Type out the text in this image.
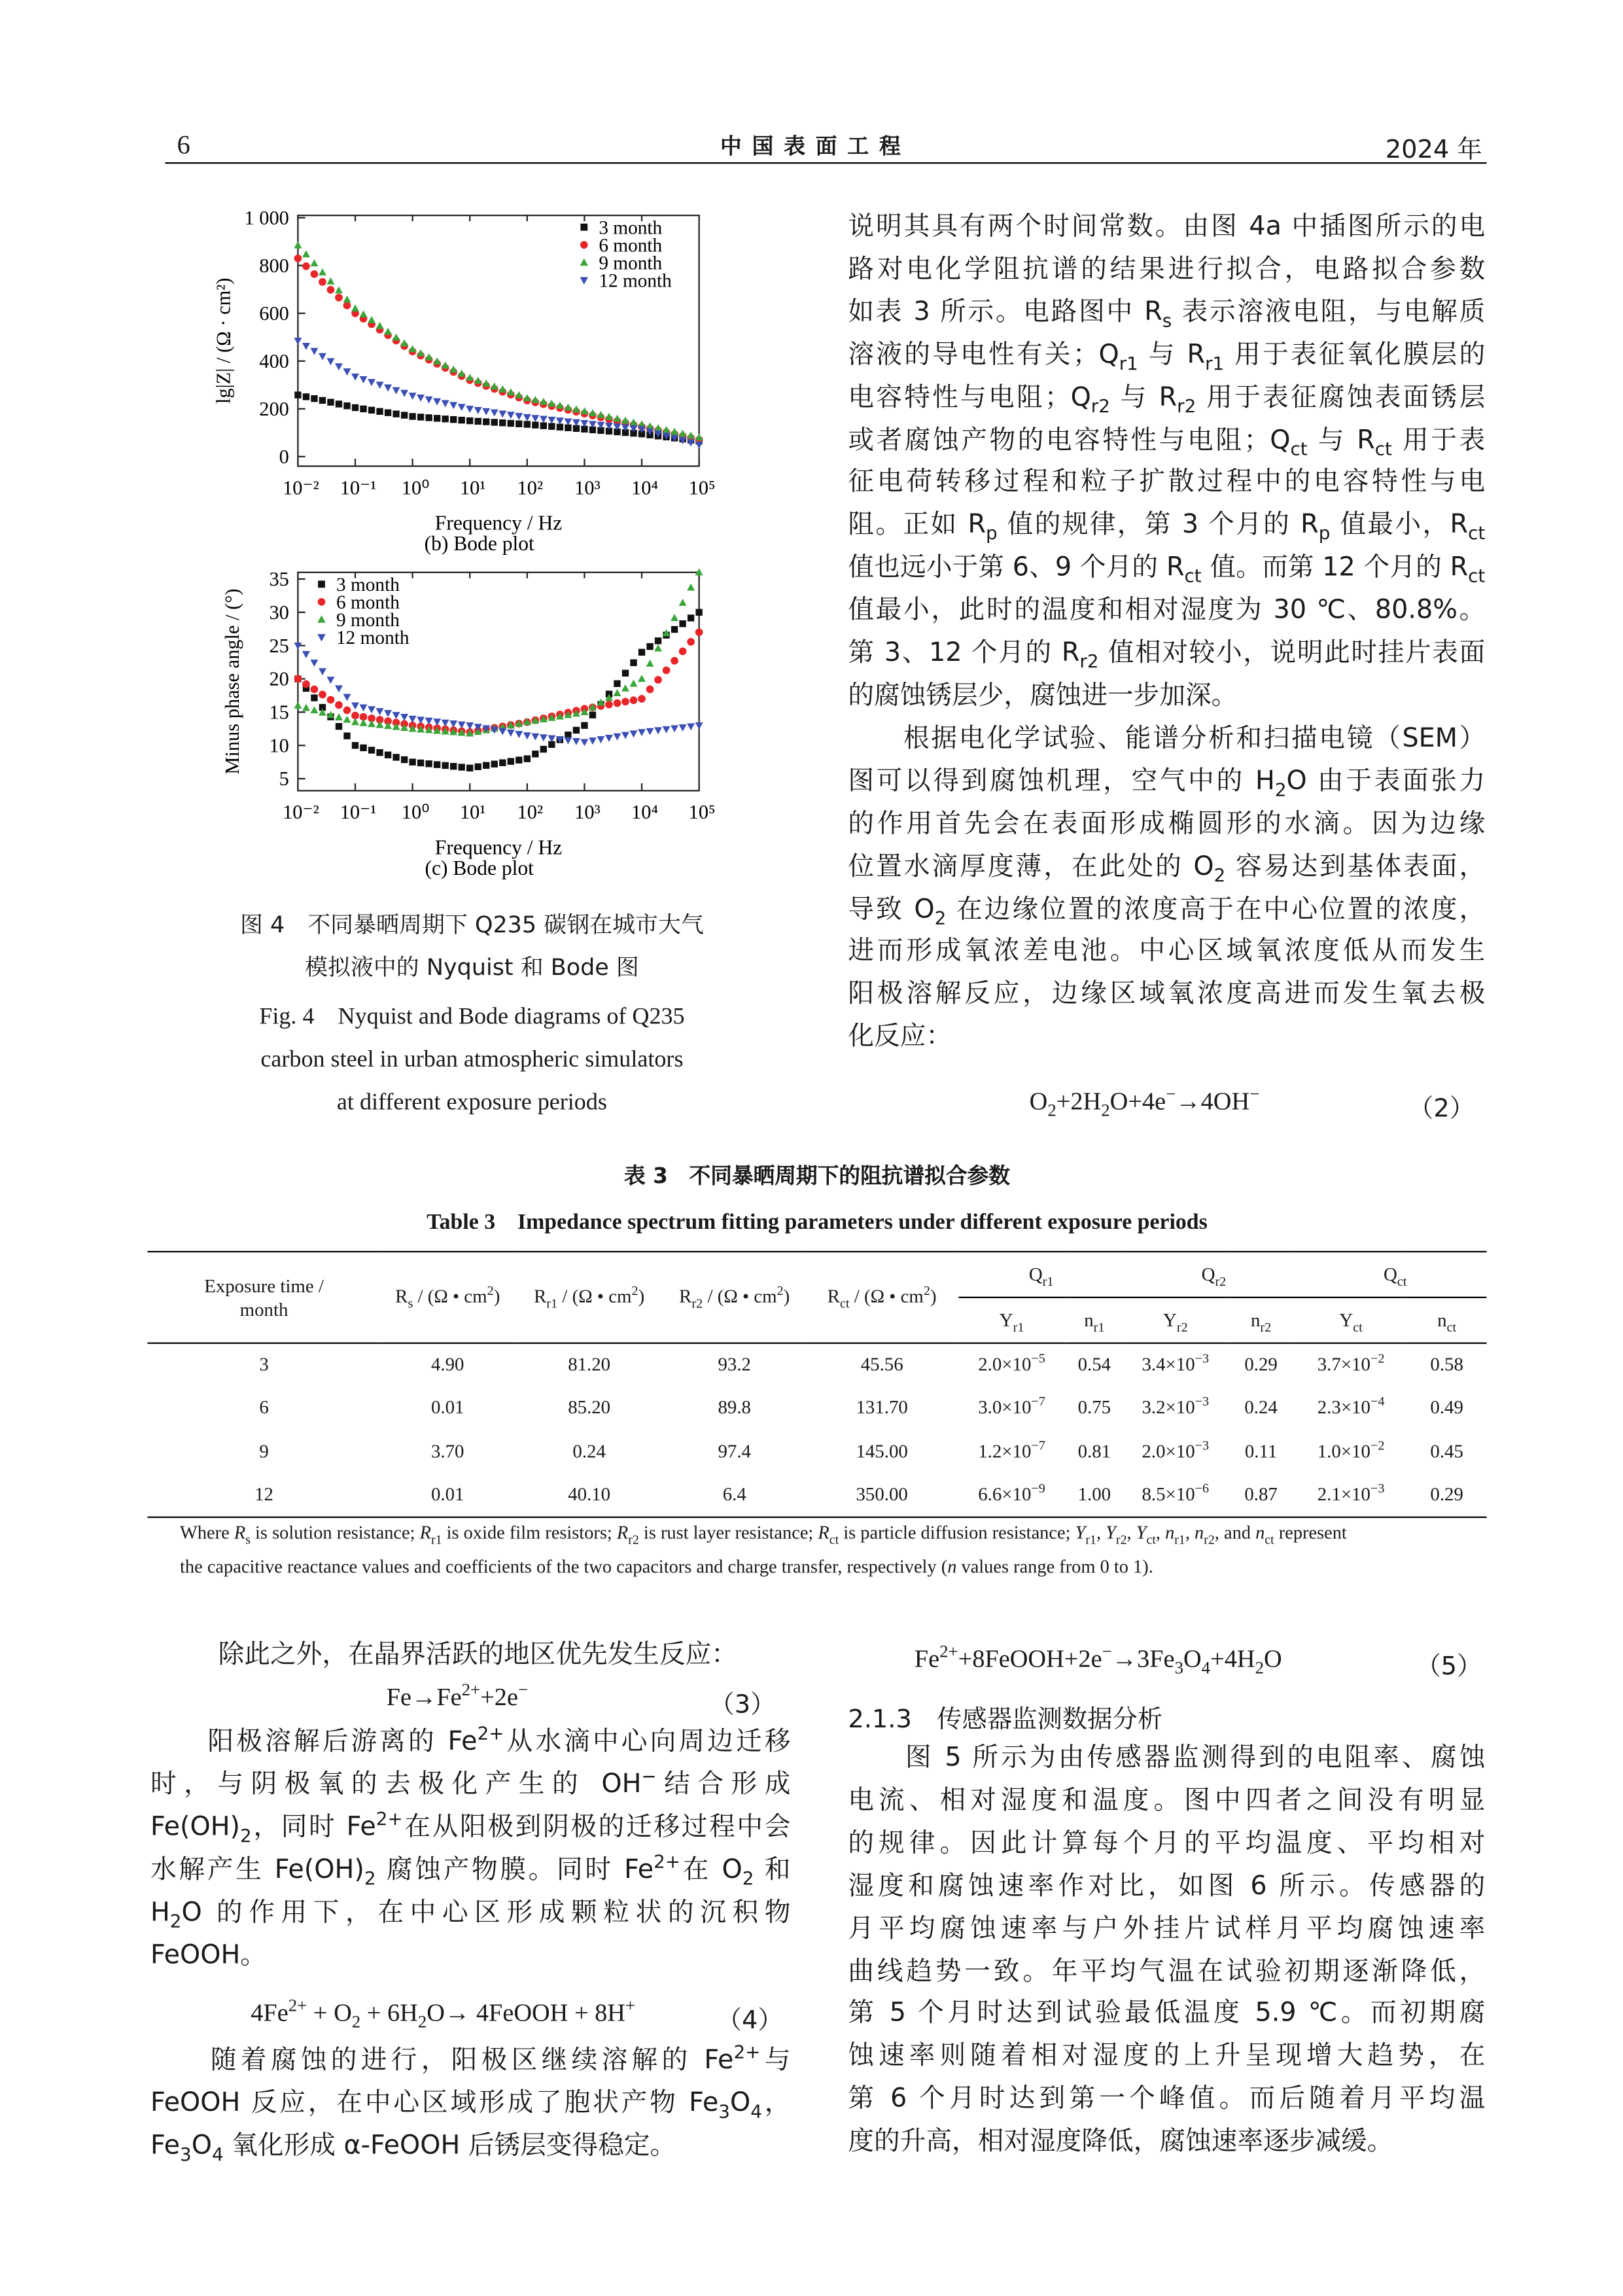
6	中 国 表 面 工 程	2024 年
10⁻² 10⁻¹	10⁰	10¹	10²	10³	10⁴	10⁵
0
200
400
600
800
1 000
Frequency / Hz
lg|Z| / (Ω · cm²)
3 month
6 month
9 month
12 month
10⁻² 10⁻¹	10⁰	10¹	10²	10³	10⁴	10⁵
5
10
15
20
25
30
35
Frequency / Hz
Minus phase angle / (°)
3 month
6 month
9 month
12 month
(b) Bode plot
(c) Bode plot
图 4　不同暴晒周期下 Q235 碳钢在城市大气
模拟液中的 Nyquist 和 Bode 图
Fig. 4　Nyquist and Bode diagrams of Q235
carbon steel in urban atmospheric simulators
at different exposure periods
说明其具有两个时间常数。由图 4a 中插图所示的电
路对电化学阻抗谱的结果进行拟合，电路拟合参数
如表 3 所示。电路图中 $R_s$ 表示溶液电阻，与电解质
溶液的导电性有关；$Q_{r1}$ 与 $R_{r1}$ 用于表征氧化膜层的
电容特性与电阻；$Q_{r2}$ 与 $R_{r2}$ 用于表征腐蚀表面锈层
或者腐蚀产物的电容特性与电阻；$Q_{ct}$ 与 $R_{ct}$ 用于表
征电荷转移过程和粒子扩散过程中的电容特性与电
阻。正如 $R_p$ 值的规律，第 3 个月的 $R_p$ 值最小，$R_{ct}$
值也远小于第 6、9 个月的 $R_{ct}$ 值。而第 12 个月的 $R_{ct}$
值最小，此时的温度和相对湿度为 30 ℃、80.8%。
第 3、12 个月的 $R_{r2}$ 值相对较小，说明此时挂片表面
的腐蚀锈层少，腐蚀进一步加深。
　　根据电化学试验、能谱分析和扫描电镜（SEM）
图可以得到腐蚀机理，空气中的 $H_2O$ 由于表面张力
的作用首先会在表面形成椭圆形的水滴。因为边缘
位置水滴厚度薄，在此处的 $O_2$ 容易达到基体表面，
导致 $O_2$ 在边缘位置的浓度高于在中心位置的浓度，
进而形成氧浓差电池。中心区域氧浓度低从而发生
阳极溶解反应，边缘区域氧浓度高进而发生氧去极
化反应：
$O_2+2H_2O+4e^-\to 4OH^-$
（2）
表 3　不同暴晒周期下的阻抗谱拟合参数
Table 3　Impedance spectrum fitting parameters under different exposure periods
Exposure time /
month	$R_s / (\Omega$ • $cm^2$)	$R_{r1} / (\Omega$ • $cm^2$)	$R_{r2} / (\Omega$ • $cm^2$)	$R_{ct} / (\Omega$ • $cm^2$)	$Q_{r1}$		$Q_{r2}$		$Q_{ct}$
					$Y_{r1}$	$n_{r1}$	$Y_{r2}$	$n_{r2}$	$Y_{ct}$	$n_{ct}$
3	4.90	81.20	93.2	45.56	$2.0\times 10^{-5}$	0.54	$3.4\times 10^{-3}$	0.29	$3.7\times 10^{-2}$	0.58
6	0.01	85.20	89.8	131.70	$3.0\times 10^{-7}$	0.75	$3.2\times 10^{-3}$	0.24	$2.3\times 10^{-4}$	0.49
9	3.70	0.24	97.4	145.00	$1.2\times 10^{-7}$	0.81	$2.0\times 10^{-3}$	0.11	$1.0\times 10^{-2}$	0.45
12	0.01	40.10	6.4	350.00	$6.6\times 10^{-9}$	1.00	$8.5\times 10^{-6}$	0.87	$2.1\times 10^{-3}$	0.29
Where $R_s$ is solution resistance; $R_{r1}$ is oxide film resistors; $R_{r2}$ is rust layer resistance; $R_{ct}$ is particle diffusion resistance; $Y_{r1}$, $Y_{r2}$, $Y_{ct}$, $n_{r1}$, $n_{r2}$, and $n_{ct}$ represent
the capacitive reactance values and coefficients of the two capacitors and charge transfer, respectively (n values range from 0 to 1).
除此之外，在晶界活跃的地区优先发生反应：
$Fe\to Fe^{2+}+2e^-$
（3）
　　阳极溶解后游离的 $Fe^{2+}$从水滴中心向周边迁移
时，与阴极氧的去极化产生的 OH−结合形成
$Fe(OH)_2$，同时 $Fe^{2+}$在从阳极到阴极的迁移过程中会
水解产生 $Fe(OH)_2$ 腐蚀产物膜。同时 $Fe^{2+}$在 $O_2$ 和
$H_2O$ 的作用下，在中心区形成颗粒状的沉积物
FeOOH。
$4Fe^{2+} + O_2 + 6H_2O\to$ 4FeOOH + 8H+
（4）
　　随着腐蚀的进行，阳极区继续溶解的 $Fe^{2+}$与
FeOOH 反应，在中心区域形成了胞状产物 $Fe_3O_4$，
$Fe_3O_4$ 氧化形成 α-FeOOH 后锈层变得稳定。
$Fe^{2+}+8FeOOH+2e^-\to 3Fe_3O_4+4H_2O$	（5）
2.1.3　传感器监测数据分析
　　图 5 所示为由传感器监测得到的电阻率、腐蚀
电流、相对湿度和温度。图中四者之间没有明显
的规律。因此计算每个月的平均温度、平均相对
湿度和腐蚀速率作对比，如图 6 所示。传感器的
月平均腐蚀速率与户外挂片试样月平均腐蚀速率
曲线趋势一致。年平均气温在试验初期逐渐降低，
第 5 个月时达到试验最低温度 5.9 ℃。而初期腐
蚀速率则随着相对湿度的上升呈现增大趋势，在
第 6 个月时达到第一个峰值。而后随着月平均温
度的升高，相对湿度降低，腐蚀速率逐步减缓。
